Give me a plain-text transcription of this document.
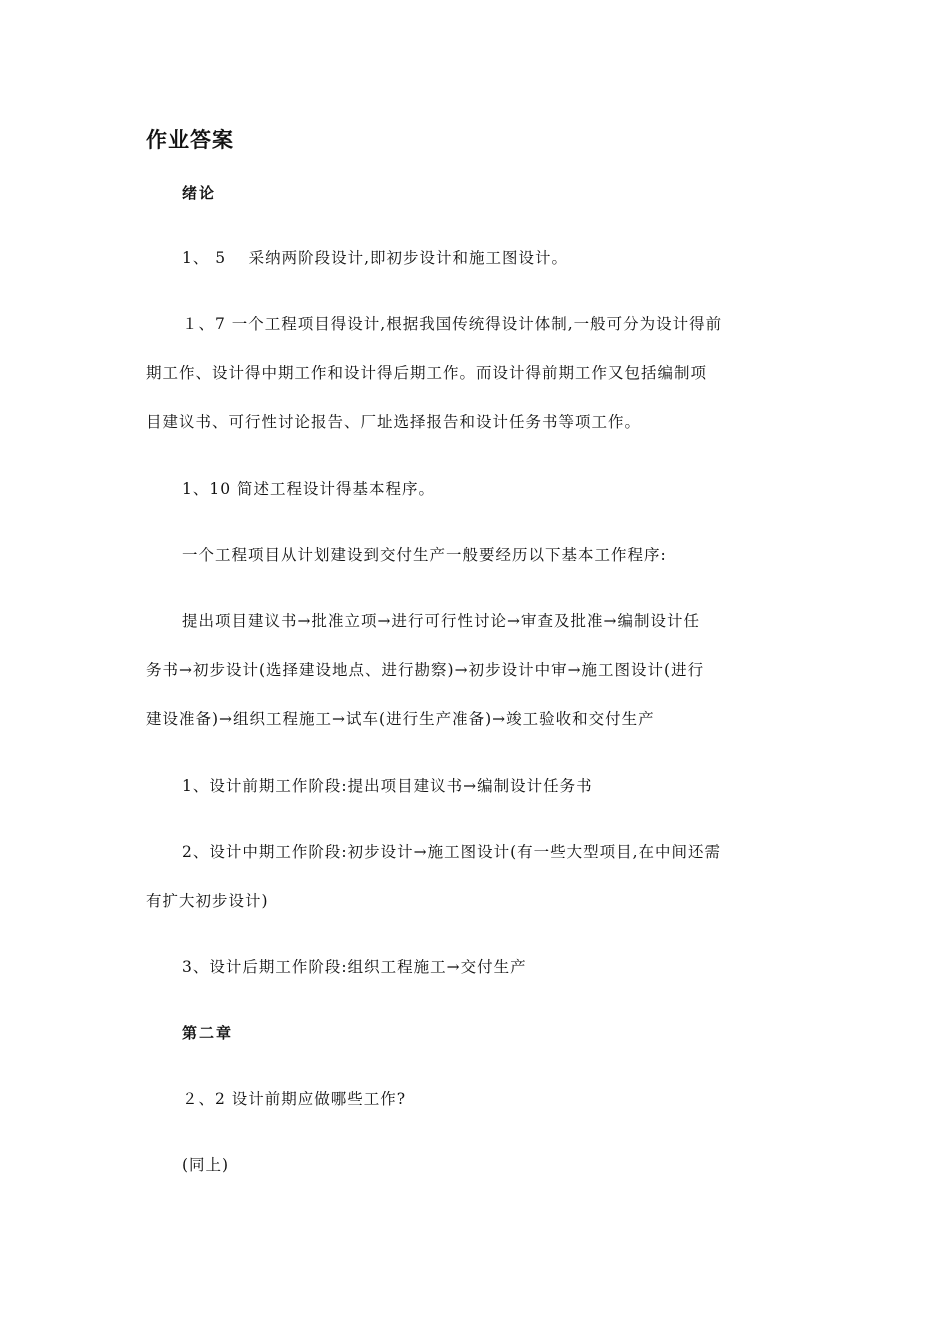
作业答案
绪论

1、 5　 采纳两阶段设计,即初步设计和施工图设计。

１、7 一个工程项目得设计,根据我国传统得设计体制,一般可分为设计得前

期工作、设计得中期工作和设计得后期工作。而设计得前期工作又包括编制项

目建议书、可行性讨论报告、厂址选择报告和设计任务书等项工作。

1、10 简述工程设计得基本程序。

一个工程项目从计划建设到交付生产一般要经历以下基本工作程序:

提出项目建议书→批准立项→进行可行性讨论→审查及批准→编制设计任

务书→初步设计(选择建设地点、进行勘察)→初步设计中审→施工图设计(进行

建设准备)→组织工程施工→试车(进行生产准备)→竣工验收和交付生产

1、设计前期工作阶段:提出项目建议书→编制设计任务书

2、设计中期工作阶段:初步设计→施工图设计(有一些大型项目,在中间还需

有扩大初步设计)

3、设计后期工作阶段:组织工程施工→交付生产

第二章

２、2 设计前期应做哪些工作?

(同上)
